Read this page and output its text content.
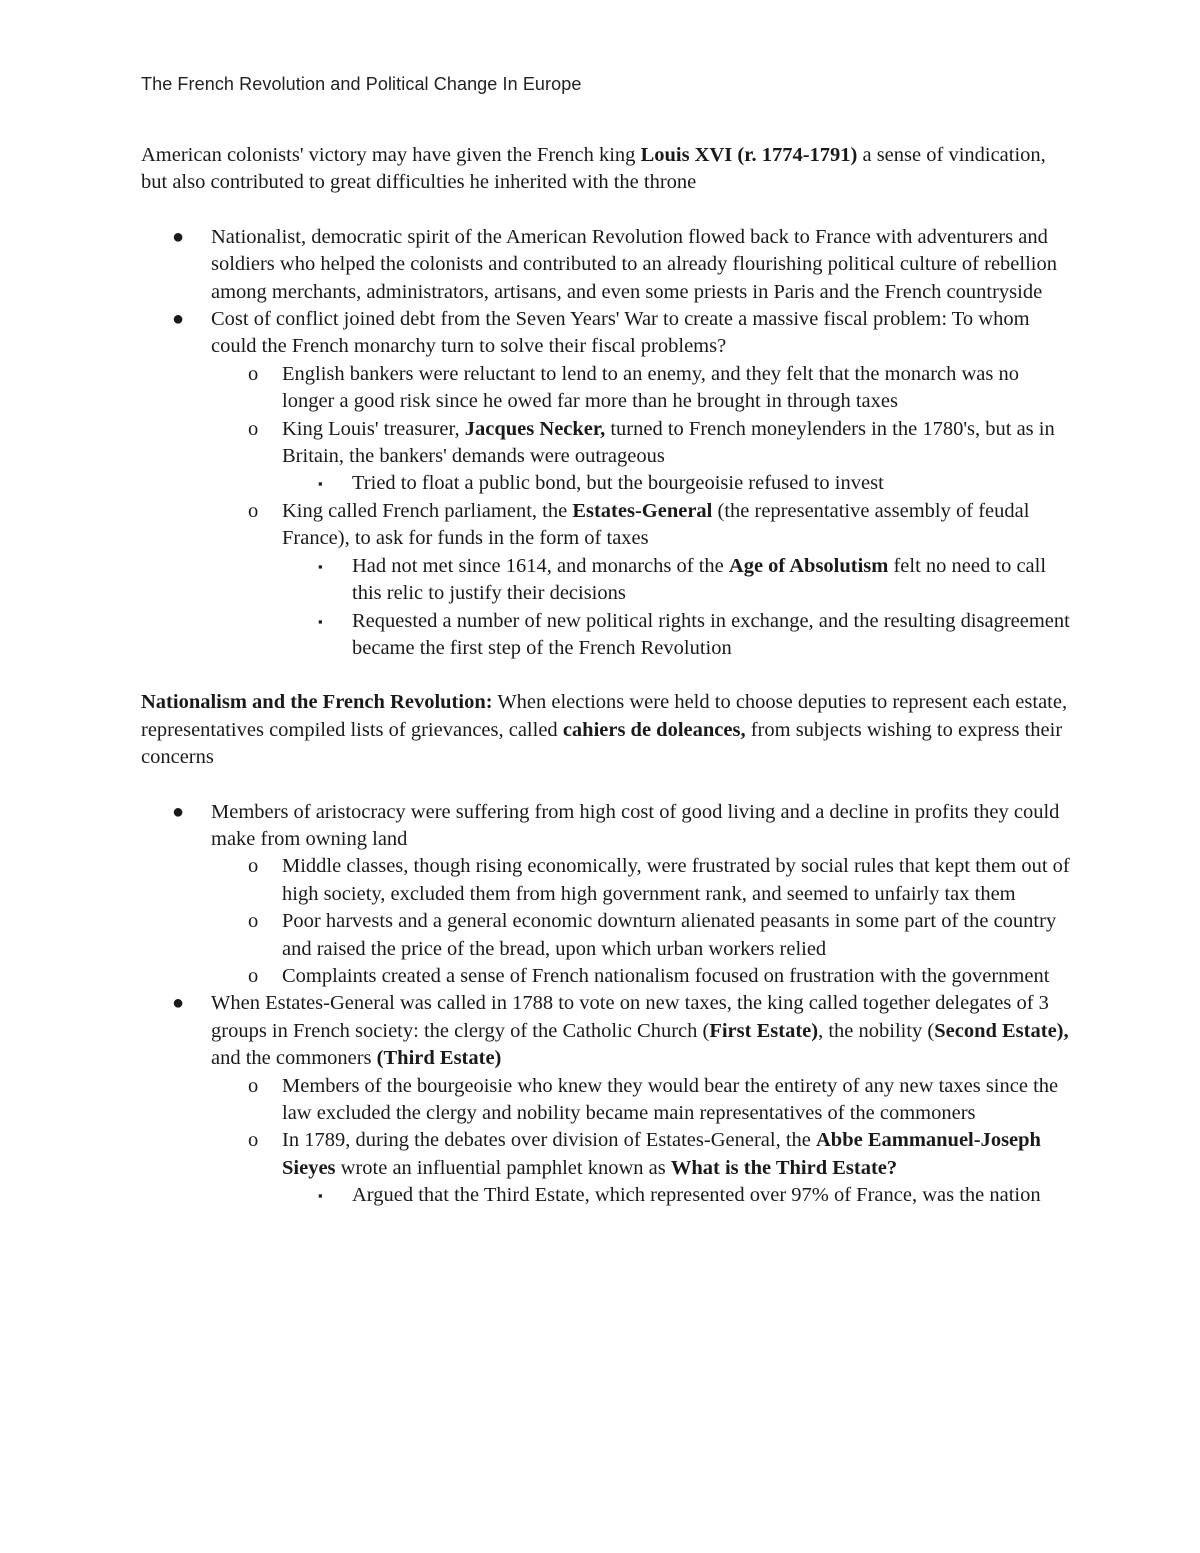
The French Revolution and Political Change In Europe

American colonists' victory may have given the French king Louis XVI (r. 1774-1791) a sense of vindication, but also contributed to great difficulties he inherited with the throne

● Nationalist, democratic spirit of the American Revolution flowed back to France with adventurers and soldiers who helped the colonists and contributed to an already flourishing political culture of rebellion among merchants, administrators, artisans, and even some priests in Paris and the French countryside
● Cost of conflict joined debt from the Seven Years' War to create a massive fiscal problem: To whom could the French monarchy turn to solve their fiscal problems?
o English bankers were reluctant to lend to an enemy, and they felt that the monarch was no longer a good risk since he owed far more than he brought in through taxes
o King Louis' treasurer, Jacques Necker, turned to French moneylenders in the 1780's, but as in Britain, the bankers' demands were outrageous
▪ Tried to float a public bond, but the bourgeoisie refused to invest
o King called French parliament, the Estates-General (the representative assembly of feudal France), to ask for funds in the form of taxes
▪ Had not met since 1614, and monarchs of the Age of Absolutism felt no need to call this relic to justify their decisions
▪ Requested a number of new political rights in exchange, and the resulting disagreement became the first step of the French Revolution

Nationalism and the French Revolution: When elections were held to choose deputies to represent each estate, representatives compiled lists of grievances, called cahiers de doleances, from subjects wishing to express their concerns

● Members of aristocracy were suffering from high cost of good living and a decline in profits they could make from owning land
o Middle classes, though rising economically, were frustrated by social rules that kept them out of high society, excluded them from high government rank, and seemed to unfairly tax them
o Poor harvests and a general economic downturn alienated peasants in some part of the country and raised the price of the bread, upon which urban workers relied
o Complaints created a sense of French nationalism focused on frustration with the government
● When Estates-General was called in 1788 to vote on new taxes, the king called together delegates of 3 groups in French society: the clergy of the Catholic Church (First Estate), the nobility (Second Estate), and the commoners (Third Estate)
o Members of the bourgeoisie who knew they would bear the entirety of any new taxes since the law excluded the clergy and nobility became main representatives of the commoners
o In 1789, during the debates over division of Estates-General, the Abbe Eammanuel-Joseph Sieyes wrote an influential pamphlet known as What is the Third Estate?
▪ Argued that the Third Estate, which represented over 97% of France, was the nation
